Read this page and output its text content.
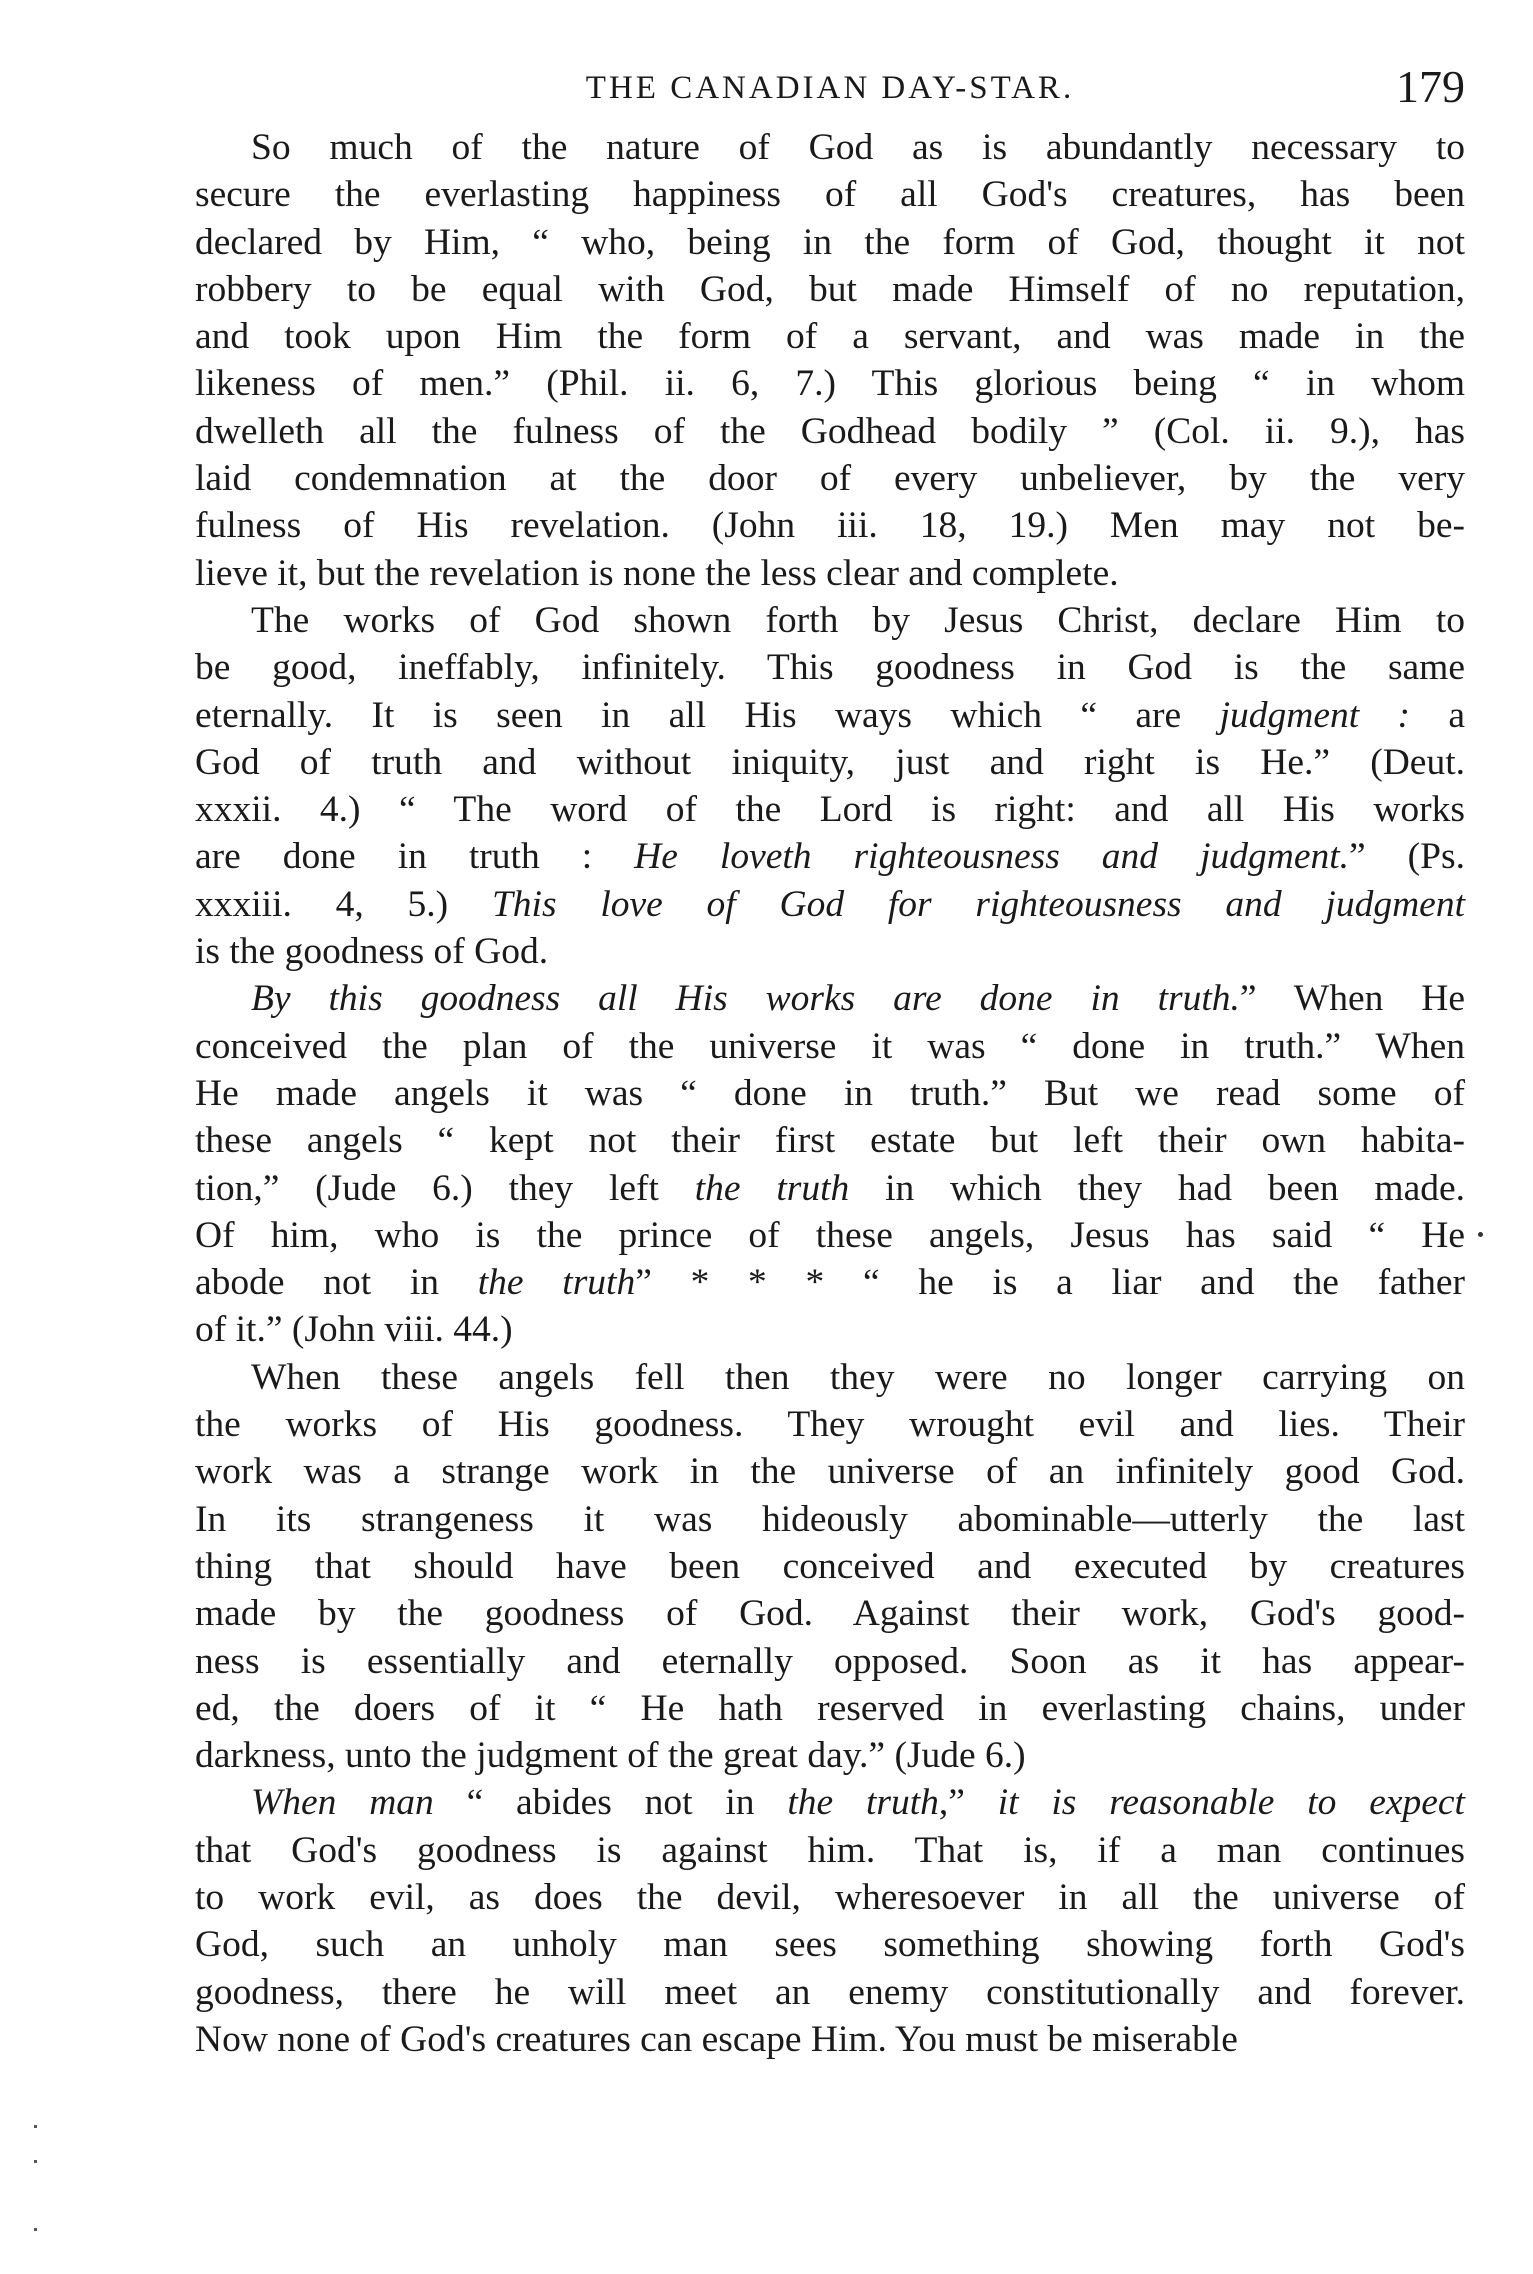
THE CANADIAN DAY-STAR.	179

So much of the nature of God as is abundantly necessary to
secure the everlasting happiness of all God's creatures, has been
declared by Him, “ who, being in the form of God, thought it not
robbery to be equal with God, but made Himself of no reputation,
and took upon Him the form of a servant, and was made in the
likeness of men.” (Phil. ii. 6, 7.) This glorious being “ in whom
dwelleth all the fulness of the Godhead bodily ” (Col. ii. 9.), has
laid condemnation at the door of every unbeliever, by the very
fulness of His revelation. (John iii. 18, 19.) Men may not be-
lieve it, but the revelation is none the less clear and complete.

The works of God shown forth by Jesus Christ, declare Him to
be good, ineffably, infinitely. This goodness in God is the same
eternally. It is seen in all His ways which “ are judgment : a
God of truth and without iniquity, just and right is He.” (Deut.
xxxii. 4.) “ The word of the Lord is right: and all His works
are done in truth : He loveth righteousness and judgment.” (Ps.
xxxiii. 4, 5.) This love of God for righteousness and judgment
is the goodness of God.

By this goodness all His works are done in truth.” When He
conceived the plan of the universe it was “ done in truth.” When
He made angels it was “ done in truth.” But we read some of
these angels “ kept not their first estate but left their own habita-
tion,” (Jude 6.) they left the truth in which they had been made.
Of him, who is the prince of these angels, Jesus has said “ He
abode not in the truth” * * * “ he is a liar and the father
of it.” (John viii. 44.)

When these angels fell then they were no longer carrying on
the works of His goodness. They wrought evil and lies. Their
work was a strange work in the universe of an infinitely good God.
In its strangeness it was hideously abominable—utterly the last
thing that should have been conceived and executed by creatures
made by the goodness of God. Against their work, God's good-
ness is essentially and eternally opposed. Soon as it has appear-
ed, the doers of it “ He hath reserved in everlasting chains, under
darkness, unto the judgment of the great day.” (Jude 6.)

When man “ abides not in the truth,” it is reasonable to expect
that God's goodness is against him. That is, if a man continues
to work evil, as does the devil, wheresoever in all the universe of
God, such an unholy man sees something showing forth God's
goodness, there he will meet an enemy constitutionally and forever.
Now none of God's creatures can escape Him. You must be miserable
